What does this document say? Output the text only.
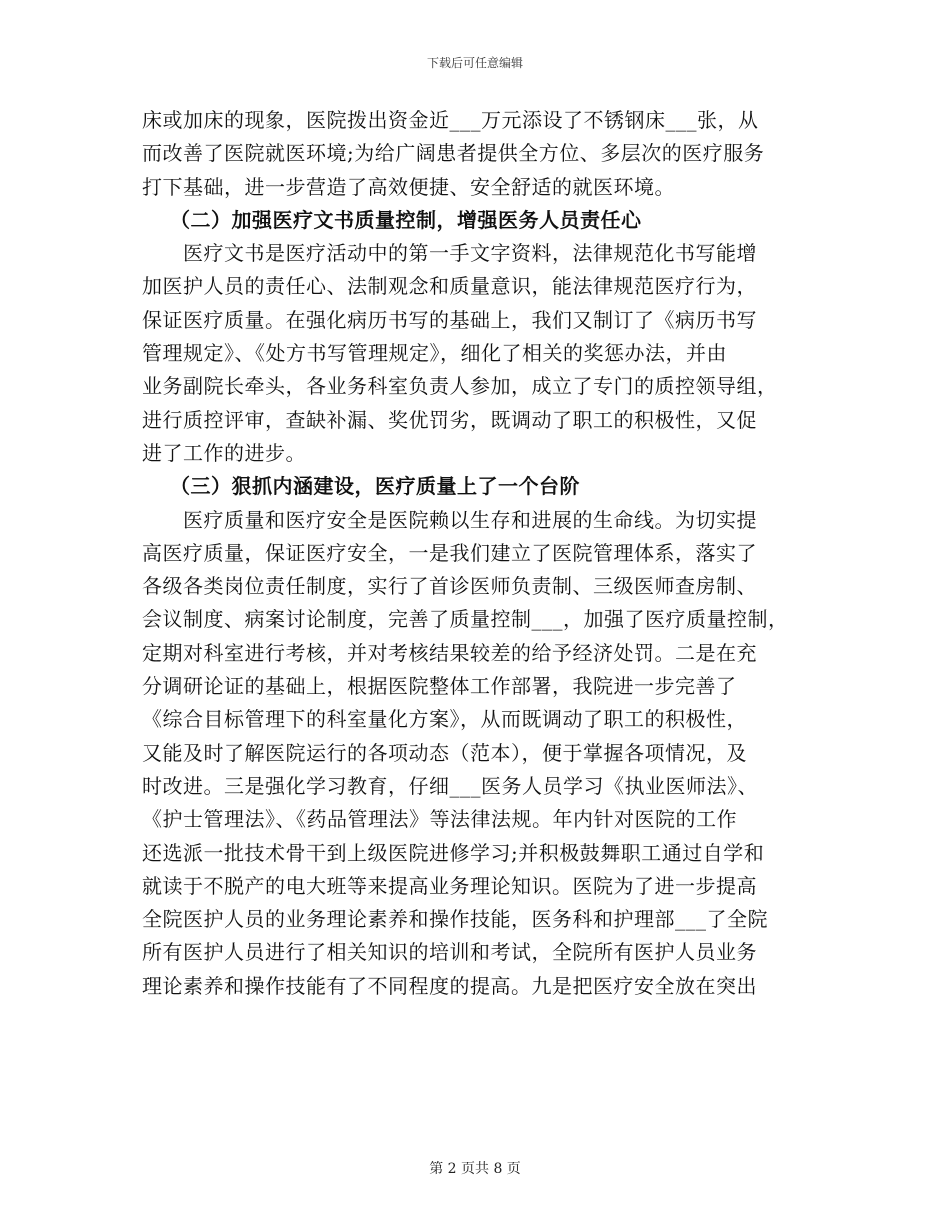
下载后可任意编辑
床或加床的现象，医院拨出资金近___万元添设了不锈钢床___张，从
而改善了医院就医环境;为给广阔患者提供全方位、多层次的医疗服务
打下基础，进一步营造了高效便捷、安全舒适的就医环境。
（二）加强医疗文书质量控制，增强医务人员责任心
医疗文书是医疗活动中的第一手文字资料，法律规范化书写能增
加医护人员的责任心、法制观念和质量意识，能法律规范医疗行为，
保证医疗质量。在强化病历书写的基础上，我们又制订了《病历书写
管理规定》、《处方书写管理规定》，细化了相关的奖惩办法，并由
业务副院长牵头，各业务科室负责人参加，成立了专门的质控领导组，
进行质控评审，查缺补漏、奖优罚劣，既调动了职工的积极性，又促
进了工作的进步。
（三）狠抓内涵建设，医疗质量上了一个台阶
医疗质量和医疗安全是医院赖以生存和进展的生命线。为切实提
高医疗质量，保证医疗安全，一是我们建立了医院管理体系，落实了
各级各类岗位责任制度，实行了首诊医师负责制、三级医师查房制、
会议制度、病案讨论制度，完善了质量控制___，加强了医疗质量控制，
定期对科室进行考核，并对考核结果较差的给予经济处罚。二是在充
分调研论证的基础上，根据医院整体工作部署，我院进一步完善了
《综合目标管理下的科室量化方案》，从而既调动了职工的积极性，
又能及时了解医院运行的各项动态（范本），便于掌握各项情况，及
时改进。三是强化学习教育，仔细___医务人员学习《执业医师法》、
《护士管理法》、《药品管理法》等法律法规。年内针对医院的工作
还选派一批技术骨干到上级医院进修学习;并积极鼓舞职工通过自学和
就读于不脱产的电大班等来提高业务理论知识。医院为了进一步提高
全院医护人员的业务理论素养和操作技能，医务科和护理部___了全院
所有医护人员进行了相关知识的培训和考试，全院所有医护人员业务
理论素养和操作技能有了不同程度的提高。九是把医疗安全放在突出
第 2 页共 8 页
